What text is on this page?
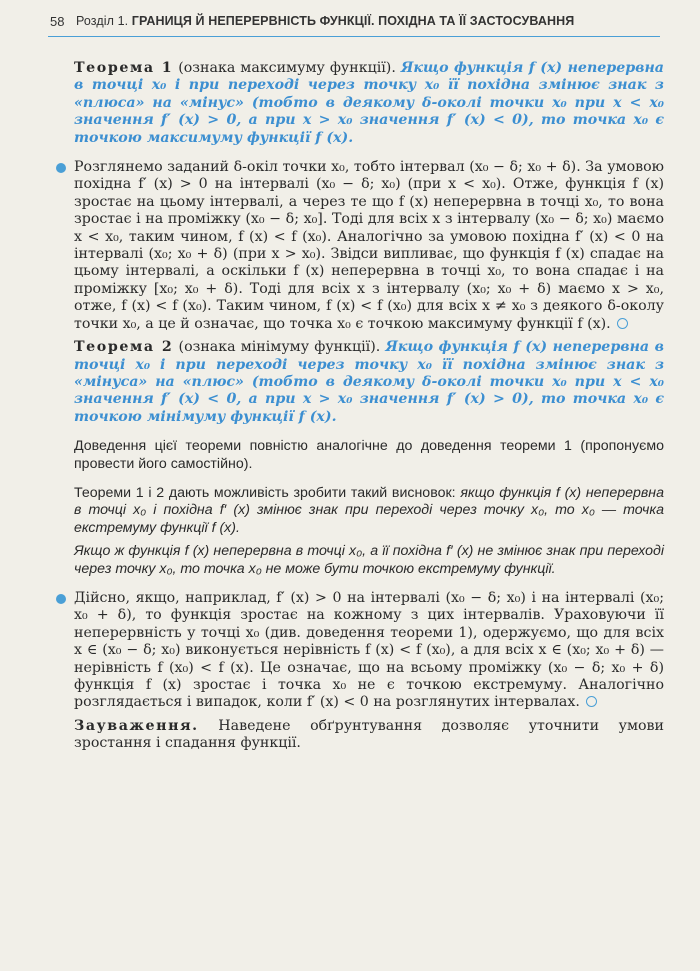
58 Розділ 1. ГРАНИЦЯ Й НЕПЕРЕРВНІСТЬ ФУНКЦІЇ. ПОХІДНА ТА ЇЇ ЗАСТОСУВАННЯ

Теорема 1 (ознака максимуму функції). Якщо функція f (x) неперервна в точці x₀ і при переході через точку x₀ її похідна змінює знак з «плюса» на «мінус» (тобто в деякому δ-околі точки x₀ при x < x₀ значення f′ (x) > 0, а при x > x₀ значення f′ (x) < 0), то точка x₀ є точкою максимуму функції f (x).

Розглянемо заданий δ-окіл точки x₀, тобто інтервал (x₀ − δ; x₀ + δ). За умовою похідна f′ (x) > 0 на інтервалі (x₀ − δ; x₀) (при x < x₀). Отже, функція f (x) зростає на цьому інтервалі, а через те що f (x) неперервна в точці x₀, то вона зростає і на проміжку (x₀ − δ; x₀]. Тоді для всіх x з інтервалу (x₀ − δ; x₀) маємо x < x₀, таким чином, f (x) < f (x₀). Аналогічно за умовою похідна f′ (x) < 0 на інтервалі (x₀; x₀ + δ) (при x > x₀). Звідси випливає, що функція f (x) спадає на цьому інтервалі, а оскільки f (x) неперервна в точці x₀, то вона спадає і на проміжку [x₀; x₀ + δ). Тоді для всіх x з інтервалу (x₀; x₀ + δ) маємо x > x₀, отже, f (x) < f (x₀). Таким чином, f (x) < f (x₀) для всіх x ≠ x₀ з деякого δ-околу точки x₀, а це й означає, що точка x₀ є точкою максимуму функції f (x).

Теорема 2 (ознака мінімуму функції). Якщо функція f (x) неперервна в точці x₀ і при переході через точку x₀ її похідна змінює знак з «мінуса» на «плюс» (тобто в деякому δ-околі точки x₀ при x < x₀ значення f′ (x) < 0, а при x > x₀ значення f′ (x) > 0), то точка x₀ є точкою мінімуму функції f (x).

Доведення цієї теореми повністю аналогічне до доведення теореми 1 (пропонуємо провести його самостійно).

Теореми 1 і 2 дають можливість зробити такий висновок: якщо функція f (x) неперервна в точці x₀ і похідна f′ (x) змінює знак при переході через точку x₀, то x₀ — точка екстремуму функції f (x).

Якщо ж функція f (x) неперервна в точці x₀, а її похідна f′ (x) не змінює знак при переході через точку x₀, то точка x₀ не може бути точкою екстремуму функції.

Дійсно, якщо, наприклад, f′ (x) > 0 на інтервалі (x₀ − δ; x₀) і на інтервалі (x₀; x₀ + δ), то функція зростає на кожному з цих інтервалів. Ураховуючи її неперервність у точці x₀ (див. доведення теореми 1), одержуємо, що для всіх x ∈ (x₀ − δ; x₀) виконується нерівність f (x) < f (x₀), а для всіх x ∈ (x₀; x₀ + δ) — нерівність f (x₀) < f (x). Це означає, що на всьому проміжку (x₀ − δ; x₀ + δ) функція f (x) зростає і точка x₀ не є точкою екстремуму. Аналогічно розглядається і випадок, коли f′ (x) < 0 на розглянутих інтервалах.

Зауваження. Наведене обґрунтування дозволяє уточнити умови зростання і спадання функції.
